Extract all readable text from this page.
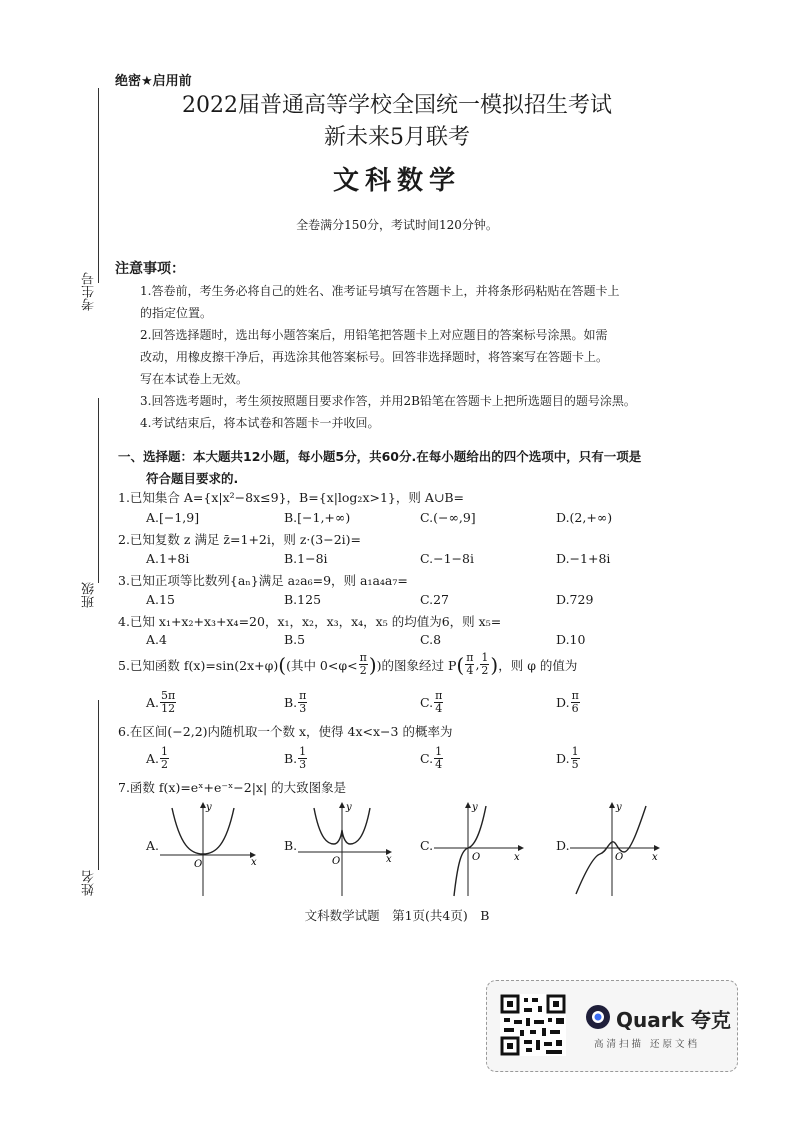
绝密★启用前
2022届普通高等学校全国统一模拟招生考试
新未来5月联考
文科数学
全卷满分150分，考试时间120分钟。
考生号
班级
姓名
注意事项：

1.答卷前，考生务必将自己的姓名、准考证号填写在答题卡上，并将条形码粘贴在答题卡上

的指定位置。

2.回答选择题时，选出每小题答案后，用铅笔把答题卡上对应题目的答案标号涂黑。如需

改动，用橡皮擦干净后，再选涂其他答案标号。回答非选择题时，将答案写在答题卡上。

写在本试卷上无效。

3.回答选考题时，考生须按照题目要求作答，并用2B铅笔在答题卡上把所选题目的题号涂黑。

4.考试结束后，将本试卷和答题卡一并收回。

一、选择题：本大题共12小题，每小题5分，共60分.在每小题给出的四个选项中，只有一项是
符合题目要求的.
1.已知集合 A={x|x²−8x≤9}，B={x|log₂x>1}，则 A∪B=
A.[−1,9]	B.[−1,+∞)	C.(−∞,9]	D.(2,+∞)
2.已知复数 z 满足 z̄=1+2i，则 z·(3−2i)=
A.1+8i	B.1−8i	C.−1−8i	D.−1+8i
3.已知正项等比数列{aₙ}满足 a₂a₆=9，则 a₁a₄a₇=
A.15	B.125	C.27	D.729
4.已知 x₁+x₂+x₃+x₄=20，x₁，x₂，x₃，x₄，x₅ 的均值为6，则 x₅=
A.4	B.5	C.8	D.10
5.已知函数 f(x)=sin(2x+φ) ( (其中 $0<\varphi< \frac{\pi}{2}$ ) )的图象经过 P ( $\frac{\pi}{4}$ , $\frac{1}{2}$ ) ，则 φ 的值为
A. $\frac{5\pi}{12}$	B. $\frac{\pi}{3}$	C. $\frac{\pi}{4}$	D. $\frac{\pi}{6}$
6.在区间(−2,2)内随机取一个数 x，使得 4x<x−3 的概率为
A. $\frac{1}{2}$	B. $\frac{1}{3}$	C. $\frac{1}{4}$	D. $\frac{1}{5}$
7.函数 f(x)=eˣ+e⁻ˣ−2|x| 的大致图象是
A.
O
y
x
B.
O
y
x
C.
O
y
x
D.
O
y
x
文科数学试题　第1页(共4页)　B
Quark 夸克
高清扫描 还原文档
